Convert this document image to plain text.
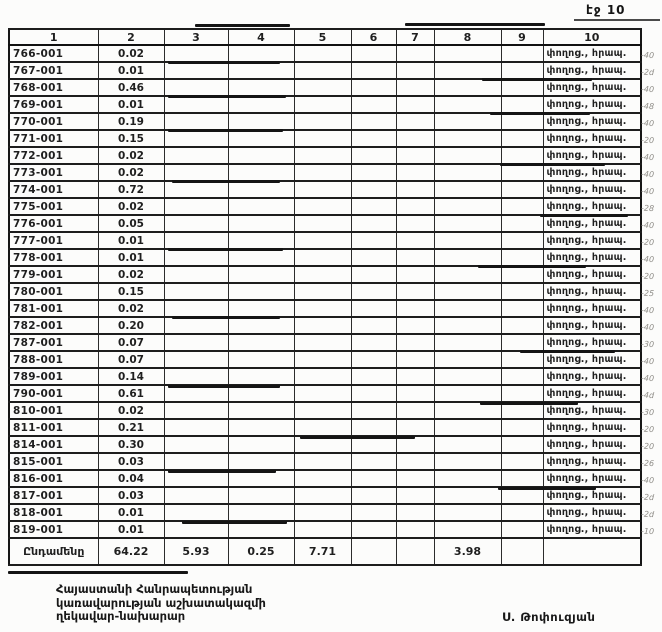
էջ 10
1	2	3	4	5	6	7	8	9	10
766-001	0.02								փողոց., հրապ.
767-001	0.01								փողոց., հրապ.
768-001	0.46								փողոց., հրապ.
769-001	0.01								փողոց., հրապ.
770-001	0.19								փողոց., հրապ.
771-001	0.15								փողոց., հրապ.
772-001	0.02								փողոց., հրապ.
773-001	0.02								փողոց., հրապ.
774-001	0.72								փողոց., հրապ.
775-001	0.02								փողոց., հրապ.
776-001	0.05								փողոց., հրապ.
777-001	0.01								փողոց., հրապ.
778-001	0.01								փողոց., հրապ.
779-001	0.02								փողոց., հրապ.
780-001	0.15								փողոց., հրապ.
781-001	0.02								փողոց., հրապ.
782-001	0.20								փողոց., հրապ.
787-001	0.07								փողոց., հրապ.
788-001	0.07								փողոց., հրապ.
789-001	0.14								փողոց., հրապ.
790-001	0.61								փողոց., հրապ.
810-001	0.02								փողոց., հրապ.
811-001	0.21								փողոց., հրապ.
814-001	0.30								փողոց., հրապ.
815-001	0.03								փողոց., հրապ.
816-001	0.04								փողոց., հրապ.
817-001	0.03								փողոց., հրապ.
818-001	0.01								փողոց., հրապ.
819-001	0.01								փողոց., հրապ.
Ընդամենը	64.22	5.93	0.25	7.71			3.98		
-40
-2d
-40
-48
-40
-20
-40
-40
-40
-28
-40
-20
-40
-20
-25
-40
-40
-30
-40
-40
-4d
-30
-20
-20
-26
-40
-2d
-2d
-10
Հայաստանի Հանրապետության
կառավարության աշխատակազմի
ղեկավար-նախարար	Ս. Թոփուզյան
